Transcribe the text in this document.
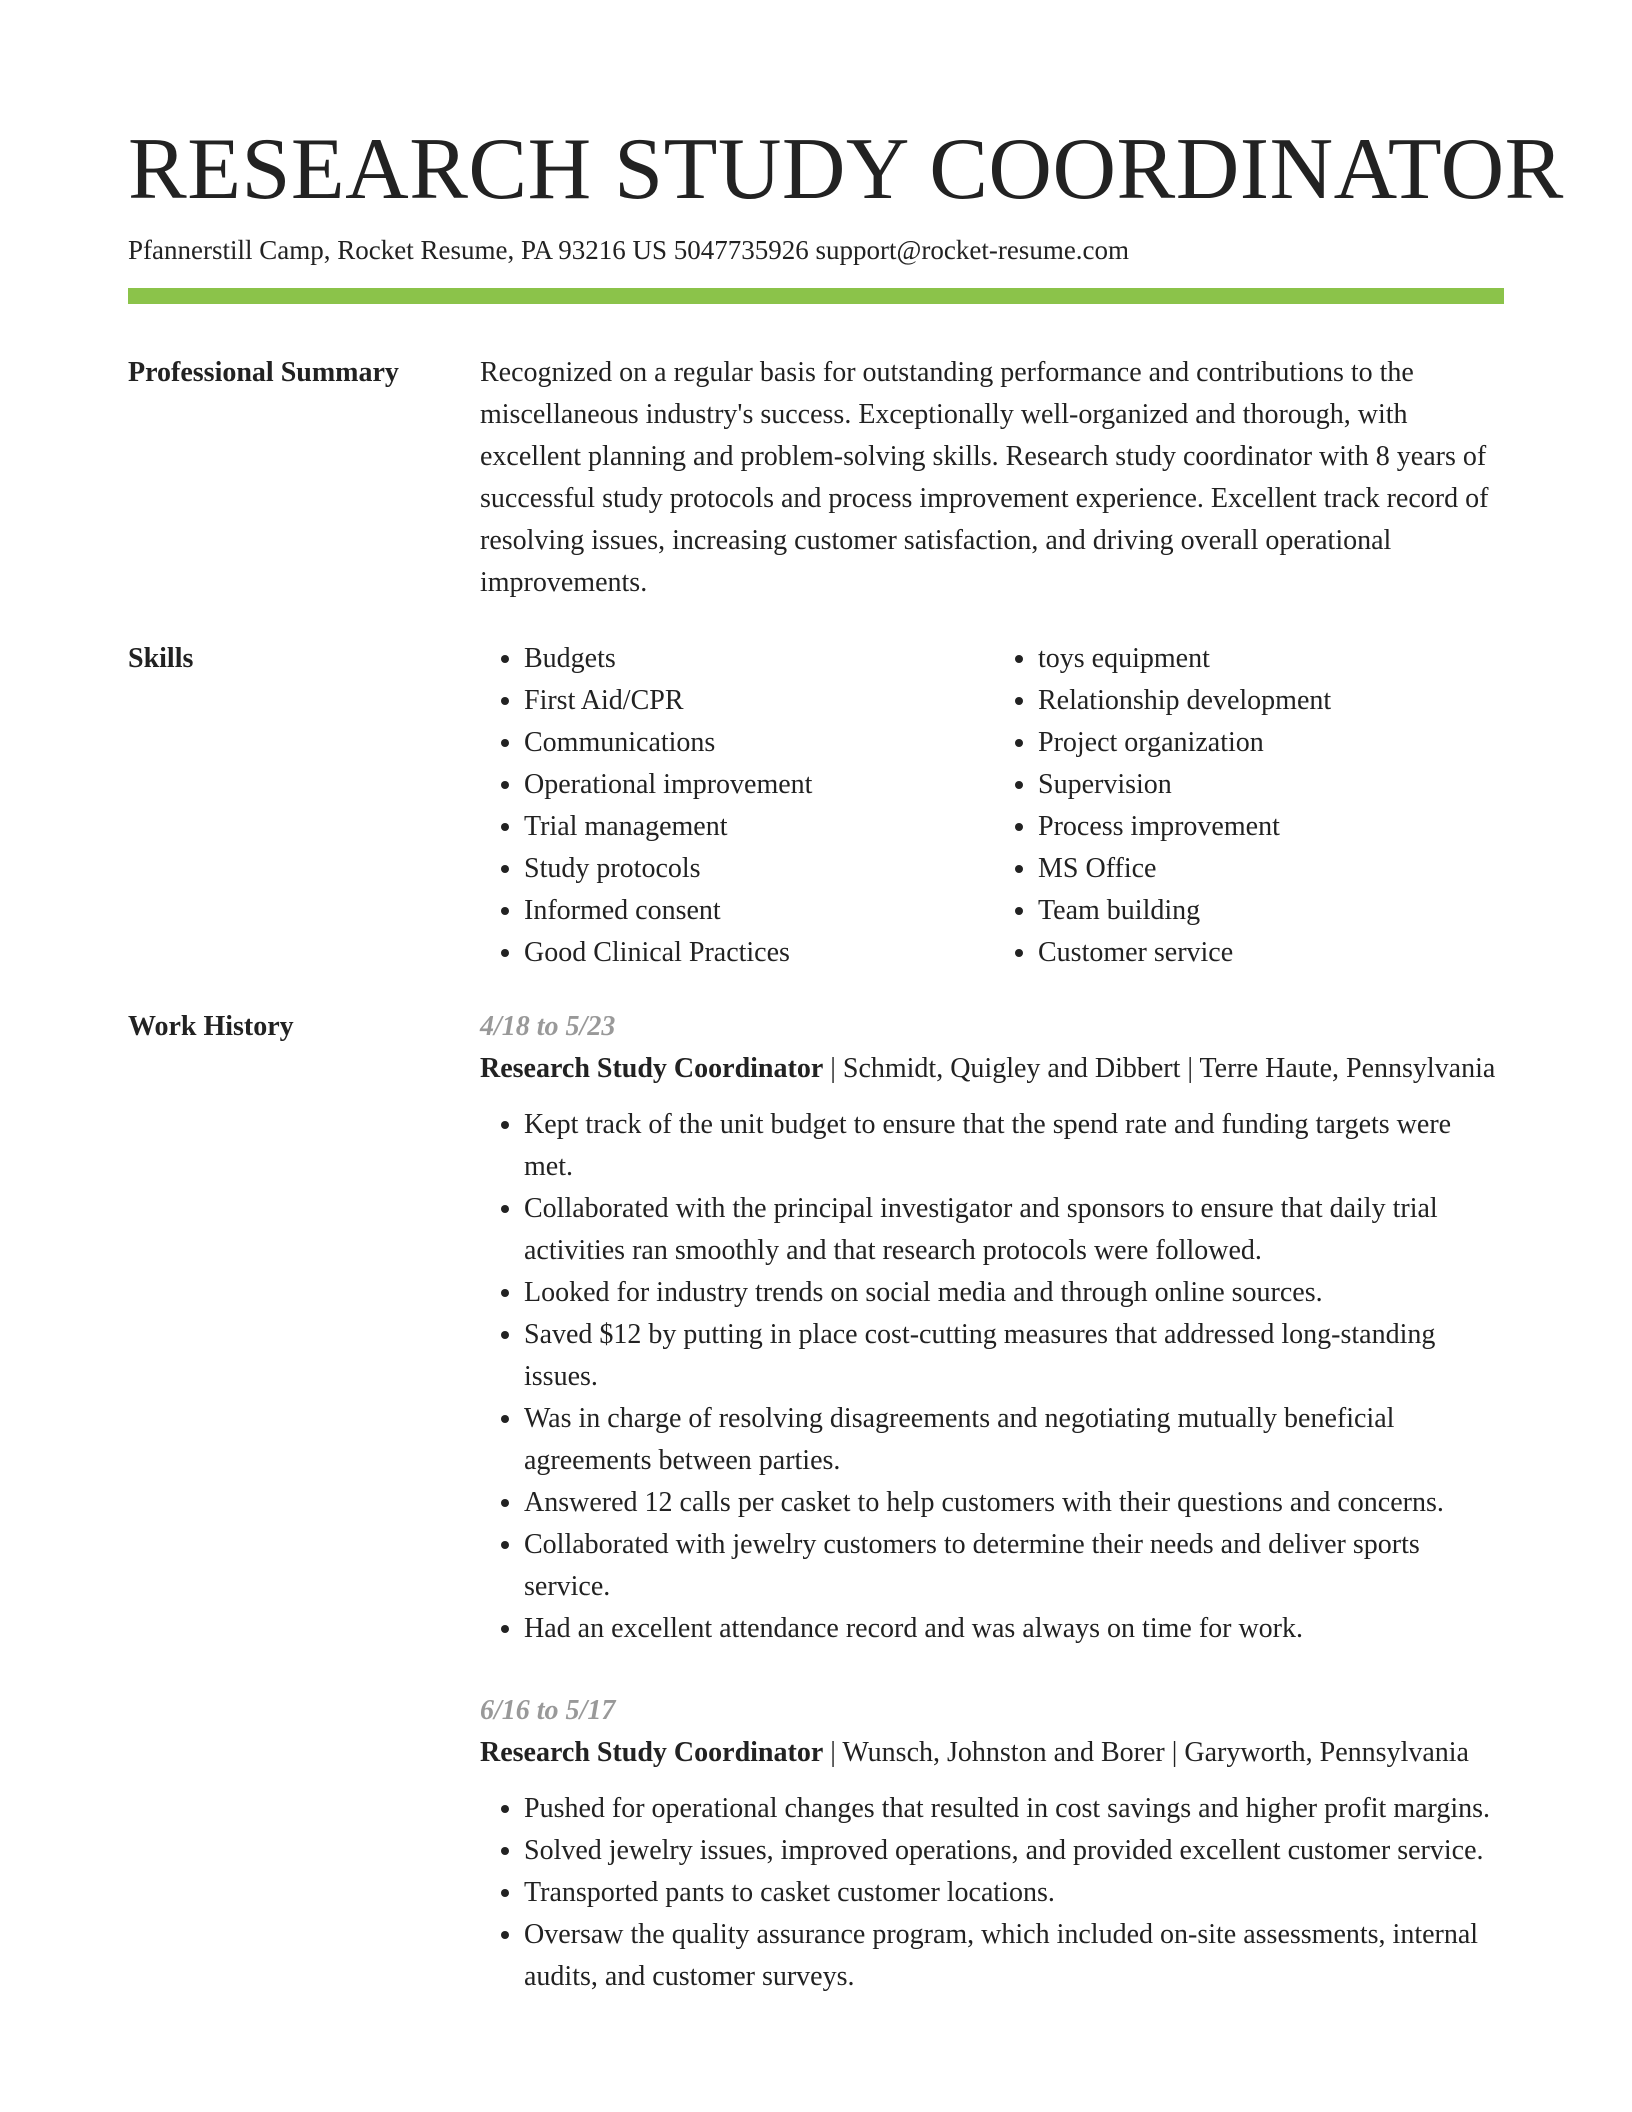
RESEARCH STUDY COORDINATOR
Pfannerstill Camp, Rocket Resume, PA 93216 US 5047735926 support@rocket-resume.com
Professional Summary	Recognized on a regular basis for outstanding performance and contributions to the miscellaneous industry's success. Exceptionally well-organized and thorough, with excellent planning and problem-solving skills. Research study coordinator with 8 years of successful study protocols and process improvement experience. Excellent track record of resolving issues, increasing customer satisfaction, and driving overall operational improvements.

Skills
•	Budgets
• First Aid/CPR
• Communications
• Operational improvement
• Trial management
• Study protocols
• Informed consent
• Good Clinical Practices
• toys equipment
• Relationship development
• Project organization
• Supervision
• Process improvement
• MS Office
• Team building
• Customer service
Work History	4/18 to 5/23
Research Study Coordinator | Schmidt, Quigley and Dibbert | Terre Haute, Pennsylvania
• Kept track of the unit budget to ensure that the spend rate and funding targets were met.
• Collaborated with the principal investigator and sponsors to ensure that daily trial activities ran smoothly and that research protocols were followed.
• Looked for industry trends on social media and through online sources.
• Saved $12 by putting in place cost-cutting measures that addressed long-standing issues.
• Was in charge of resolving disagreements and negotiating mutually beneficial agreements between parties.
• Answered 12 calls per casket to help customers with their questions and concerns.
• Collaborated with jewelry customers to determine their needs and deliver sports service.
• Had an excellent attendance record and was always on time for work.
6/16 to 5/17
Research Study Coordinator | Wunsch, Johnston and Borer | Garyworth, Pennsylvania
• Pushed for operational changes that resulted in cost savings and higher profit margins.
• Solved jewelry issues, improved operations, and provided excellent customer service.
• Transported pants to casket customer locations.
• Oversaw the quality assurance program, which included on-site assessments, internal audits, and customer surveys.
